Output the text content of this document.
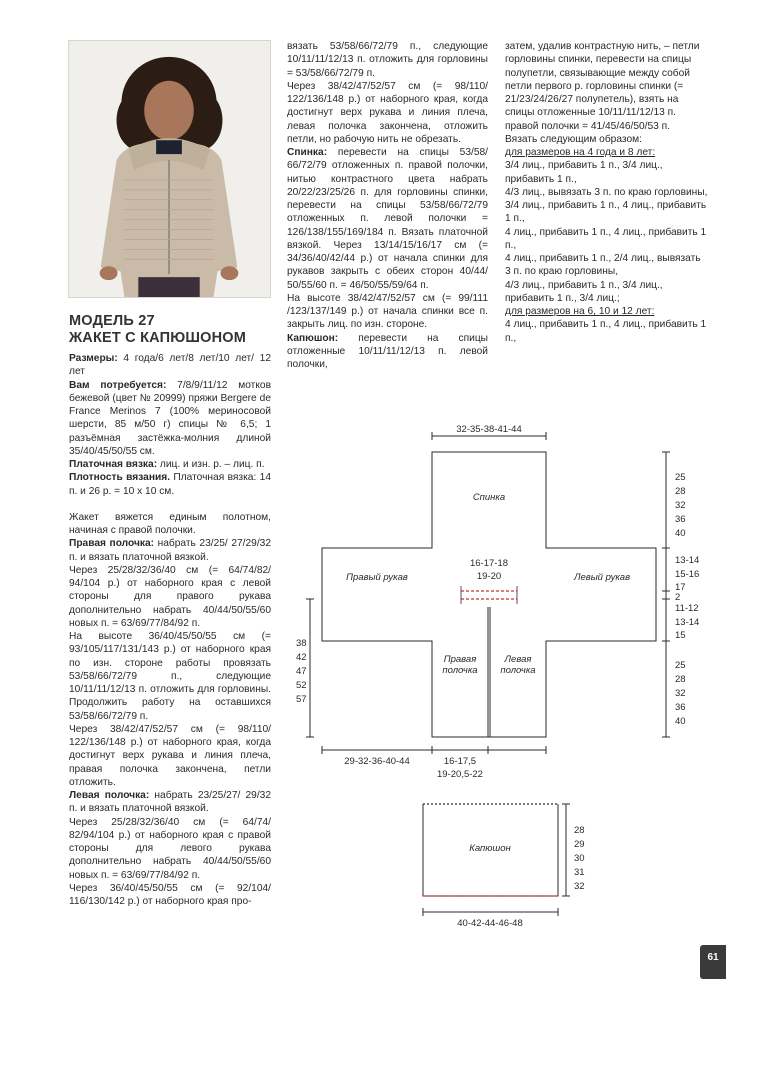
МОДЕЛЬ 27
ЖАКЕТ С КАПЮШОНОМ

Размеры: 4 года/6 лет/8 лет/10 лет/ 12 лет

Вам потребуется: 7/8/9/11/12 мотков бежевой (цвет № 20999) пряжи Bergere de France Merinos 7 (100% мериносовой шерсти, 85 м/50 г) спицы № 6,5; 1 разъёмная застёжка-молния длиной 35/40/45/50/55 см.

Платочная вязка: лиц. и изн. р. – лиц. п.

Плотность вязания. Платочная вязка: 14 п. и 26 р. = 10 х 10 см.

Жакет вяжется единым полотном, начиная с правой полочки.

Правая полочка: набрать 23/25/ 27/29/32 п. и вязать платочной вязкой.

Через 25/28/32/36/40 см (= 64/74/82/ 94/104 р.) от наборного края с левой стороны для правого рукава дополнительно набрать 40/44/50/55/60 новых п. = 63/69/77/84/92 п.

На высоте 36/40/45/50/55 см (= 93/105/117/131/143 р.) от наборного края по изн. стороне работы провязать 53/58/66/72/79 п., следующие 10/11/11/12/13 п. отложить для горловины. Продолжить работу на оставшихся 53/58/66/72/79 п.

Через 38/42/47/52/57 см (= 98/110/ 122/136/148 р.) от наборного края, когда достигнут верх рукава и линия плеча, правая полочка закончена, петли отложить.

Левая полочка: набрать 23/25/27/ 29/32 п. и вязать платочной вязкой.

Через 25/28/32/36/40 см (= 64/74/ 82/94/104 р.) от наборного края с правой стороны для левого рукава дополнительно набрать 40/44/50/55/60 новых п. = 63/69/77/84/92 п.

Через 36/40/45/50/55 см (= 92/104/ 116/130/142 р.) от наборного края про-

вязать 53/58/66/72/79 п., следующие 10/11/11/12/13 п. отложить для горловины = 53/58/66/72/79 п.

Через 38/42/47/52/57 см (= 98/110/ 122/136/148 р.) от наборного края, когда достигнут верх рукава и линия плеча, левая полочка закончена, отложить петли, но рабочую нить не обрезать.

Спинка: перевести на спицы 53/58/ 66/72/79 отложенных п. правой полочки, нитью контрастного цвета набрать 20/22/23/25/26 п. для горловины спинки, перевести на спицы 53/58/66/72/79 отложенных п. левой полочки = 126/138/155/169/184 п. Вязать платочной вязкой. Через 13/14/15/16/17 см (= 34/36/40/42/44 р.) от начала спинки для рукавов закрыть с обеих сторон 40/44/ 50/55/60 п. = 46/50/55/59/64 п.

На высоте 38/42/47/52/57 см (= 99/111 /123/137/149 р.) от начала спинки все п. закрыть лиц. по изн. стороне.

Капюшон: перевести на спицы отложенные 10/11/11/12/13 п. левой полочки,

затем, удалив контрастную нить, – петли горловины спинки, перевести на спицы полупетли, связывающие между собой петли первого р. горловины спинки (= 21/23/24/26/27 полупетель), взять на спицы отложенные 10/11/11/12/13 п. правой полочки = 41/45/46/50/53 п.

Вязать следующим образом:

для размеров на 4 года и 8 лет:

3/4 лиц., прибавить 1 п., 3/4 лиц., прибавить 1 п.,

4/3 лиц., вывязать 3 п. по краю горловины,

3/4 лиц., прибавить 1 п., 4 лиц., прибавить 1 п.,

4 лиц., прибавить 1 п., 4 лиц., прибавить 1 п.,

4 лиц., прибавить 1 п., 2/4 лиц., вывязать 3 п. по краю горловины,

4/3 лиц., прибавить 1 п., 3/4 лиц., прибавить 1 п., 3/4 лиц.;

для размеров на 6, 10 и 12 лет:

4 лиц., прибавить 1 п., 4 лиц., прибавить 1 п.,

32-35-38-41-44
Спинка
Правый рукав	Левый рукав
16-17-18
19-20
Правая
полочка
Левая
полочка
25
28
32
36
40
13-14
15-16
17
2
11-12
13-14
15
25
28
32
36
40
38
42
47
52
57
29-32-36-40-44	16-17,5
19-20,5-22
Капюшон
28
29
30
31
32
40-42-44-46-48
61
